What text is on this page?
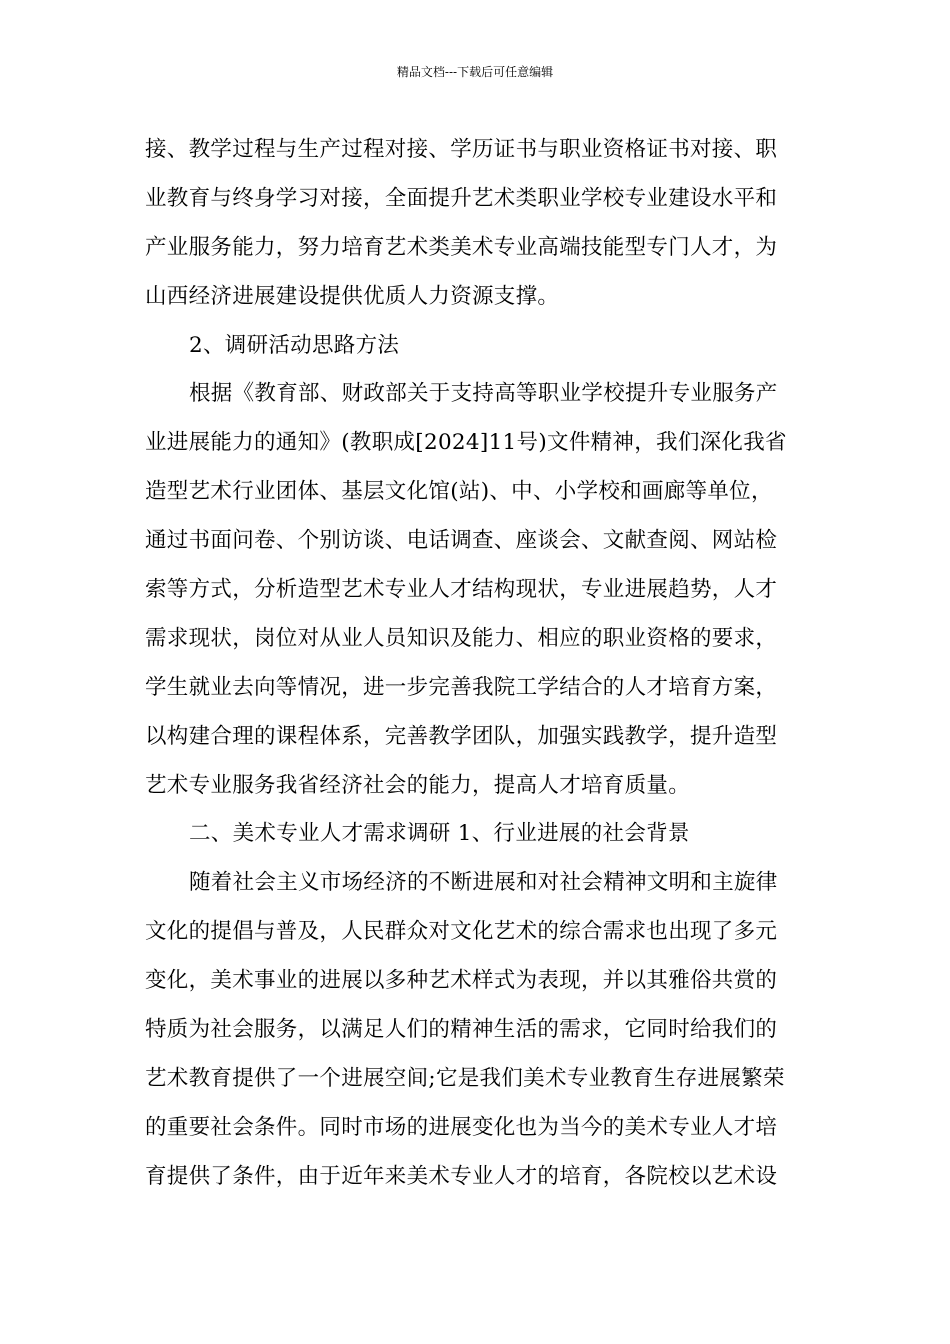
精品文档---下载后可任意编辑
接、教学过程与生产过程对接、学历证书与职业资格证书对接、职
业教育与终身学习对接，全面提升艺术类职业学校专业建设水平和
产业服务能力，努力培育艺术类美术专业高端技能型专门人才，为
山西经济进展建设提供优质人力资源支撑。
2、调研活动思路方法
根据《教育部、财政部关于支持高等职业学校提升专业服务产
业进展能力的通知》(教职成[2024]11号)文件精神，我们深化我省
造型艺术行业团体、基层文化馆(站)、中、小学校和画廊等单位，
通过书面问卷、个别访谈、电话调查、座谈会、文献查阅、网站检
索等方式，分析造型艺术专业人才结构现状，专业进展趋势，人才
需求现状，岗位对从业人员知识及能力、相应的职业资格的要求，
学生就业去向等情况，进一步完善我院工学结合的人才培育方案，
以构建合理的课程体系，完善教学团队，加强实践教学，提升造型
艺术专业服务我省经济社会的能力，提高人才培育质量。
二、美术专业人才需求调研 1、行业进展的社会背景
随着社会主义市场经济的不断进展和对社会精神文明和主旋律
文化的提倡与普及，人民群众对文化艺术的综合需求也出现了多元
变化，美术事业的进展以多种艺术样式为表现，并以其雅俗共赏的
特质为社会服务，以满足人们的精神生活的需求，它同时给我们的
艺术教育提供了一个进展空间;它是我们美术专业教育生存进展繁荣
的重要社会条件。同时市场的进展变化也为当今的美术专业人才培
育提供了条件，由于近年来美术专业人才的培育，各院校以艺术设
